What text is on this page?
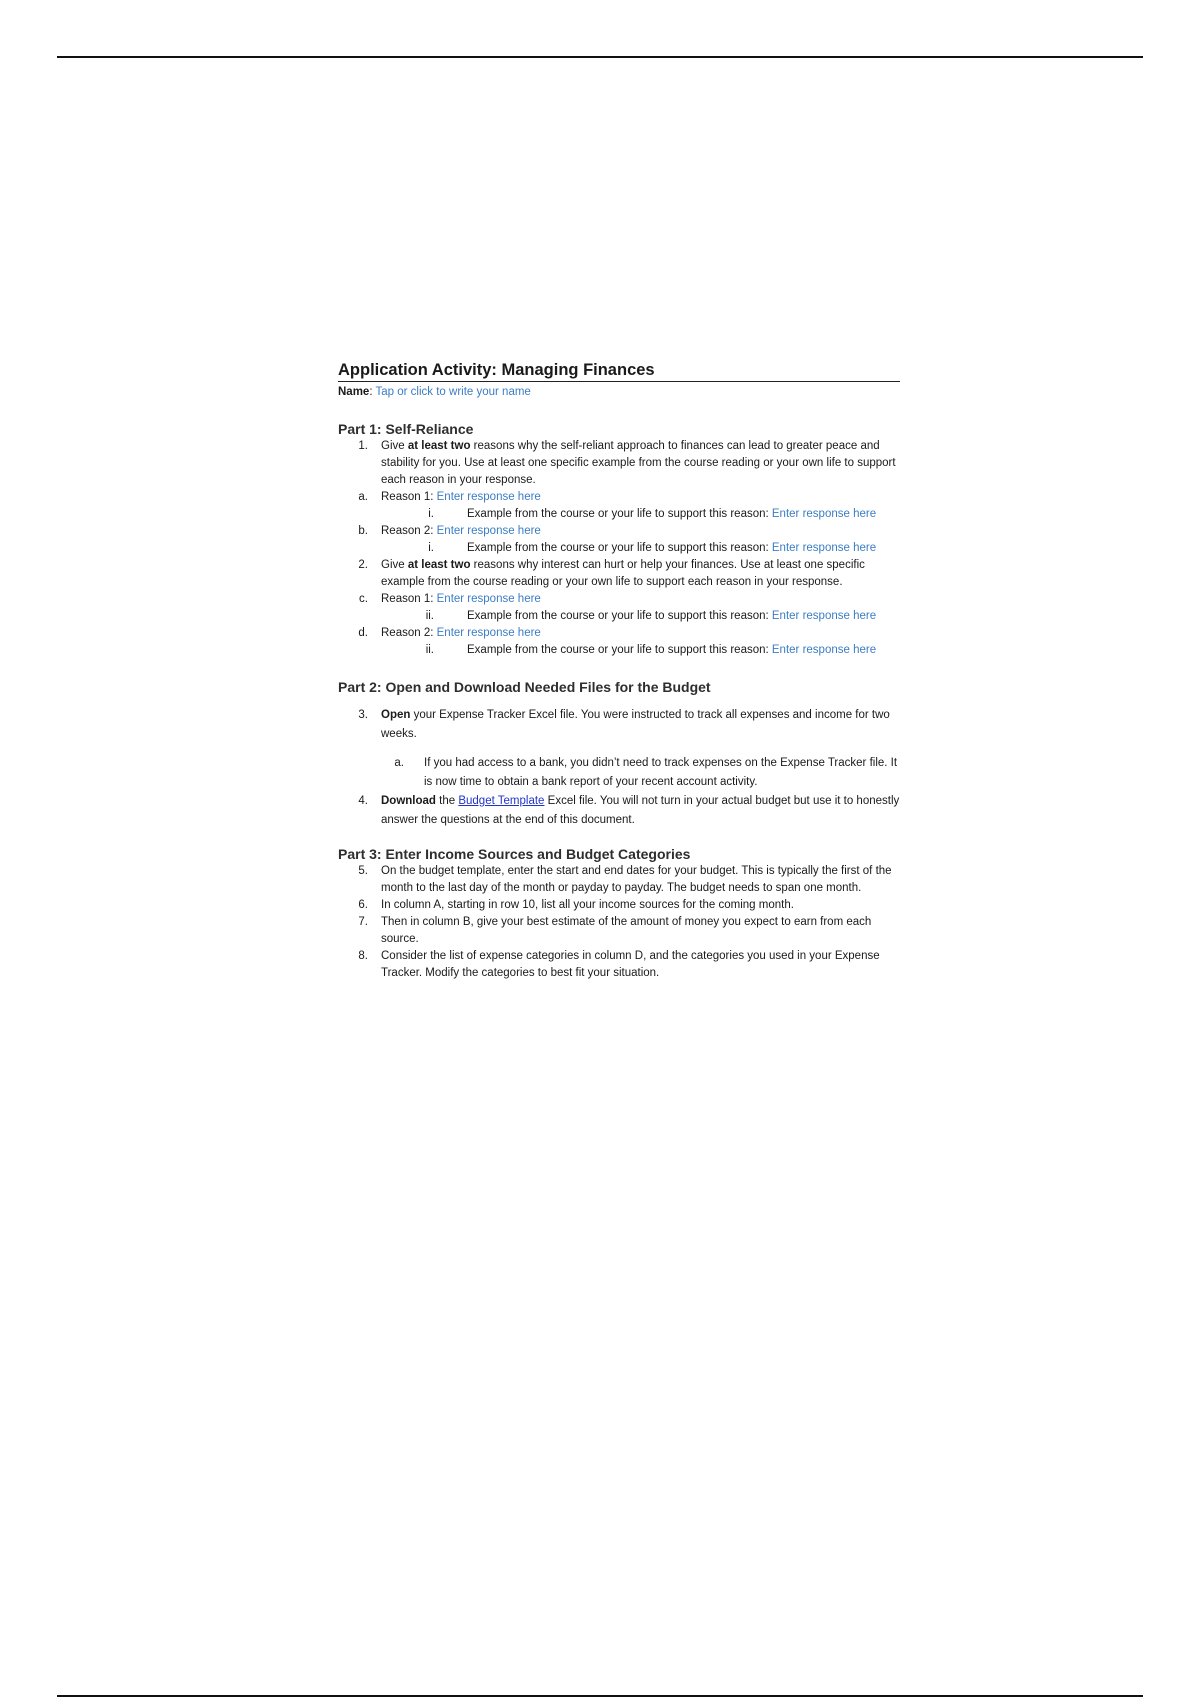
Application Activity: Managing Finances
Name: Tap or click to write your name
Part 1: Self-Reliance
1. Give at least two reasons why the self-reliant approach to finances can lead to greater peace and stability for you. Use at least one specific example from the course reading or your own life to support each reason in your response.
a. Reason 1: Enter response here
i.	Example from the course or your life to support this reason: Enter response here
b. Reason 2: Enter response here
i.	Example from the course or your life to support this reason: Enter response here
2. Give at least two reasons why interest can hurt or help your finances. Use at least one specific example from the course reading or your own life to support each reason in your response.
c. Reason 1: Enter response here
ii.	Example from the course or your life to support this reason: Enter response here
d. Reason 2: Enter response here
ii.	Example from the course or your life to support this reason: Enter response here
Part 2: Open and Download Needed Files for the Budget
3. Open your Expense Tracker Excel file. You were instructed to track all expenses and income for two weeks.
a. If you had access to a bank, you didn’t need to track expenses on the Expense Tracker file. It is now time to obtain a bank report of your recent account activity.
4. Download the Budget Template Excel file. You will not turn in your actual budget but use it to honestly answer the questions at the end of this document.
Part 3: Enter Income Sources and Budget Categories
5. On the budget template, enter the start and end dates for your budget. This is typically the first of the month to the last day of the month or payday to payday. The budget needs to span one month.
6. In column A, starting in row 10, list all your income sources for the coming month.
7. Then in column B, give your best estimate of the amount of money you expect to earn from each source.
8. Consider the list of expense categories in column D, and the categories you used in your Expense Tracker. Modify the categories to best fit your situation.
